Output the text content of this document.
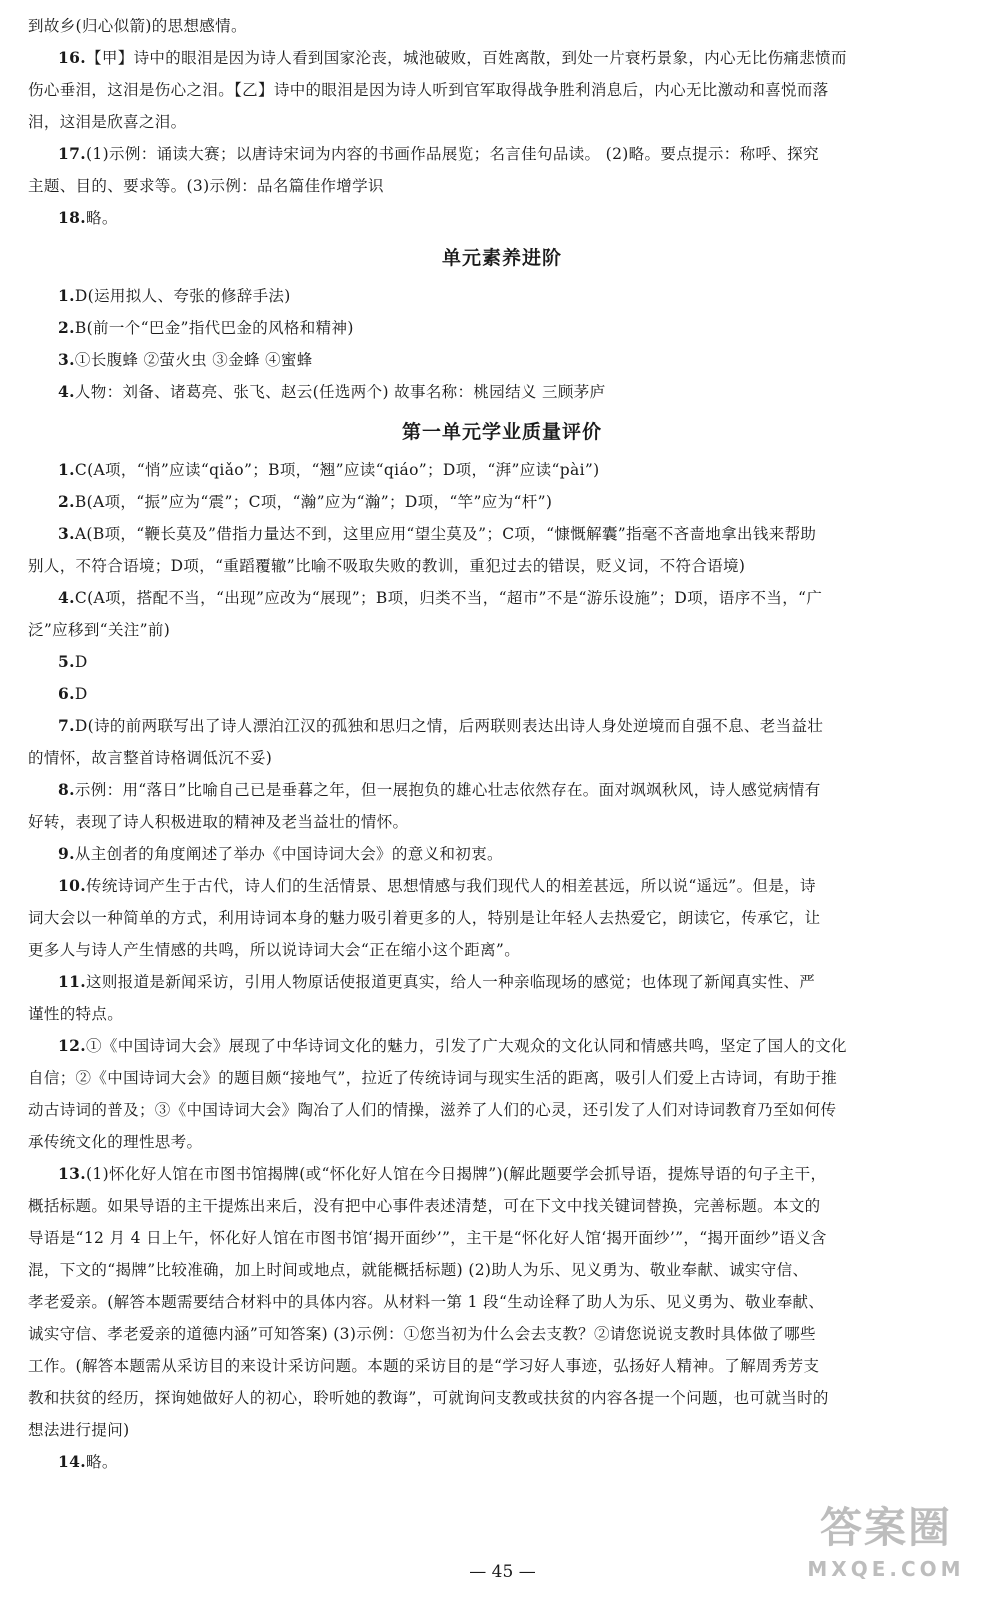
到故乡(归心似箭)的思想感情。

16.【甲】诗中的眼泪是因为诗人看到国家沦丧，城池破败，百姓离散，到处一片衰朽景象，内心无比伤痛悲愤而

伤心垂泪，这泪是伤心之泪。【乙】诗中的眼泪是因为诗人听到官军取得战争胜利消息后，内心无比激动和喜悦而落

泪，这泪是欣喜之泪。

17.(1)示例：诵读大赛；以唐诗宋词为内容的书画作品展览；名言佳句品读。 (2)略。要点提示：称呼、探究

主题、目的、要求等。(3)示例：品名篇佳作增学识

18.略。

单元素养进阶

1.D(运用拟人、夸张的修辞手法)

2.B(前一个“巴金”指代巴金的风格和精神)

3.①长腹蜂 ②萤火虫 ③金蜂 ④蜜蜂

4.人物：刘备、诸葛亮、张飞、赵云(任选两个) 故事名称：桃园结义 三顾茅庐

第一单元学业质量评价

1.C(A项，“悄”应读“qiǎo”；B项，“翘”应读“qiáo”；D项，“湃”应读“pài”)

2.B(A项，“振”应为“震”；C项，“瀚”应为“瀚”；D项，“竿”应为“杆”)

3.A(B项，“鞭长莫及”借指力量达不到，这里应用“望尘莫及”；C项，“慷慨解囊”指毫不吝啬地拿出钱来帮助

别人，不符合语境；D项，“重蹈覆辙”比喻不吸取失败的教训，重犯过去的错误，贬义词，不符合语境)

4.C(A项，搭配不当，“出现”应改为“展现”；B项，归类不当，“超市”不是“游乐设施”；D项，语序不当，“广

泛”应移到“关注”前)

5.D

6.D

7.D(诗的前两联写出了诗人漂泊江汉的孤独和思归之情，后两联则表达出诗人身处逆境而自强不息、老当益壮

的情怀，故言整首诗格调低沉不妥)

8.示例：用“落日”比喻自己已是垂暮之年，但一展抱负的雄心壮志依然存在。面对飒飒秋风，诗人感觉病情有

好转，表现了诗人积极进取的精神及老当益壮的情怀。

9.从主创者的角度阐述了举办《中国诗词大会》的意义和初衷。

10.传统诗词产生于古代，诗人们的生活情景、思想情感与我们现代人的相差甚远，所以说“遥远”。但是，诗

词大会以一种简单的方式，利用诗词本身的魅力吸引着更多的人，特别是让年轻人去热爱它，朗读它，传承它，让

更多人与诗人产生情感的共鸣，所以说诗词大会“正在缩小这个距离”。

11.这则报道是新闻采访，引用人物原话使报道更真实，给人一种亲临现场的感觉；也体现了新闻真实性、严

谨性的特点。

12.①《中国诗词大会》展现了中华诗词文化的魅力，引发了广大观众的文化认同和情感共鸣，坚定了国人的文化

自信；②《中国诗词大会》的题目颇“接地气”，拉近了传统诗词与现实生活的距离，吸引人们爱上古诗词，有助于推

动古诗词的普及；③《中国诗词大会》陶冶了人们的情操，滋养了人们的心灵，还引发了人们对诗词教育乃至如何传

承传统文化的理性思考。

13.(1)怀化好人馆在市图书馆揭牌(或“怀化好人馆在今日揭牌”)(解此题要学会抓导语，提炼导语的句子主干，

概括标题。如果导语的主干提炼出来后，没有把中心事件表述清楚，可在下文中找关键词替换，完善标题。本文的

导语是“12 月 4 日上午，怀化好人馆在市图书馆‘揭开面纱’”，主干是“怀化好人馆‘揭开面纱’”，“揭开面纱”语义含

混，下文的“揭牌”比较准确，加上时间或地点，就能概括标题) (2)助人为乐、见义勇为、敬业奉献、诚实守信、

孝老爱亲。(解答本题需要结合材料中的具体内容。从材料一第 1 段“生动诠释了助人为乐、见义勇为、敬业奉献、

诚实守信、孝老爱亲的道德内涵”可知答案) (3)示例：①您当初为什么会去支教？②请您说说支教时具体做了哪些

工作。(解答本题需从采访目的来设计采访问题。本题的采访目的是“学习好人事迹，弘扬好人精神。了解周秀芳支

教和扶贫的经历，探询她做好人的初心，聆听她的教诲”，可就询问支教或扶贫的内容各提一个问题，也可就当时的

想法进行提问)

14.略。

— 45 —
答案圈
MXQE.COM
